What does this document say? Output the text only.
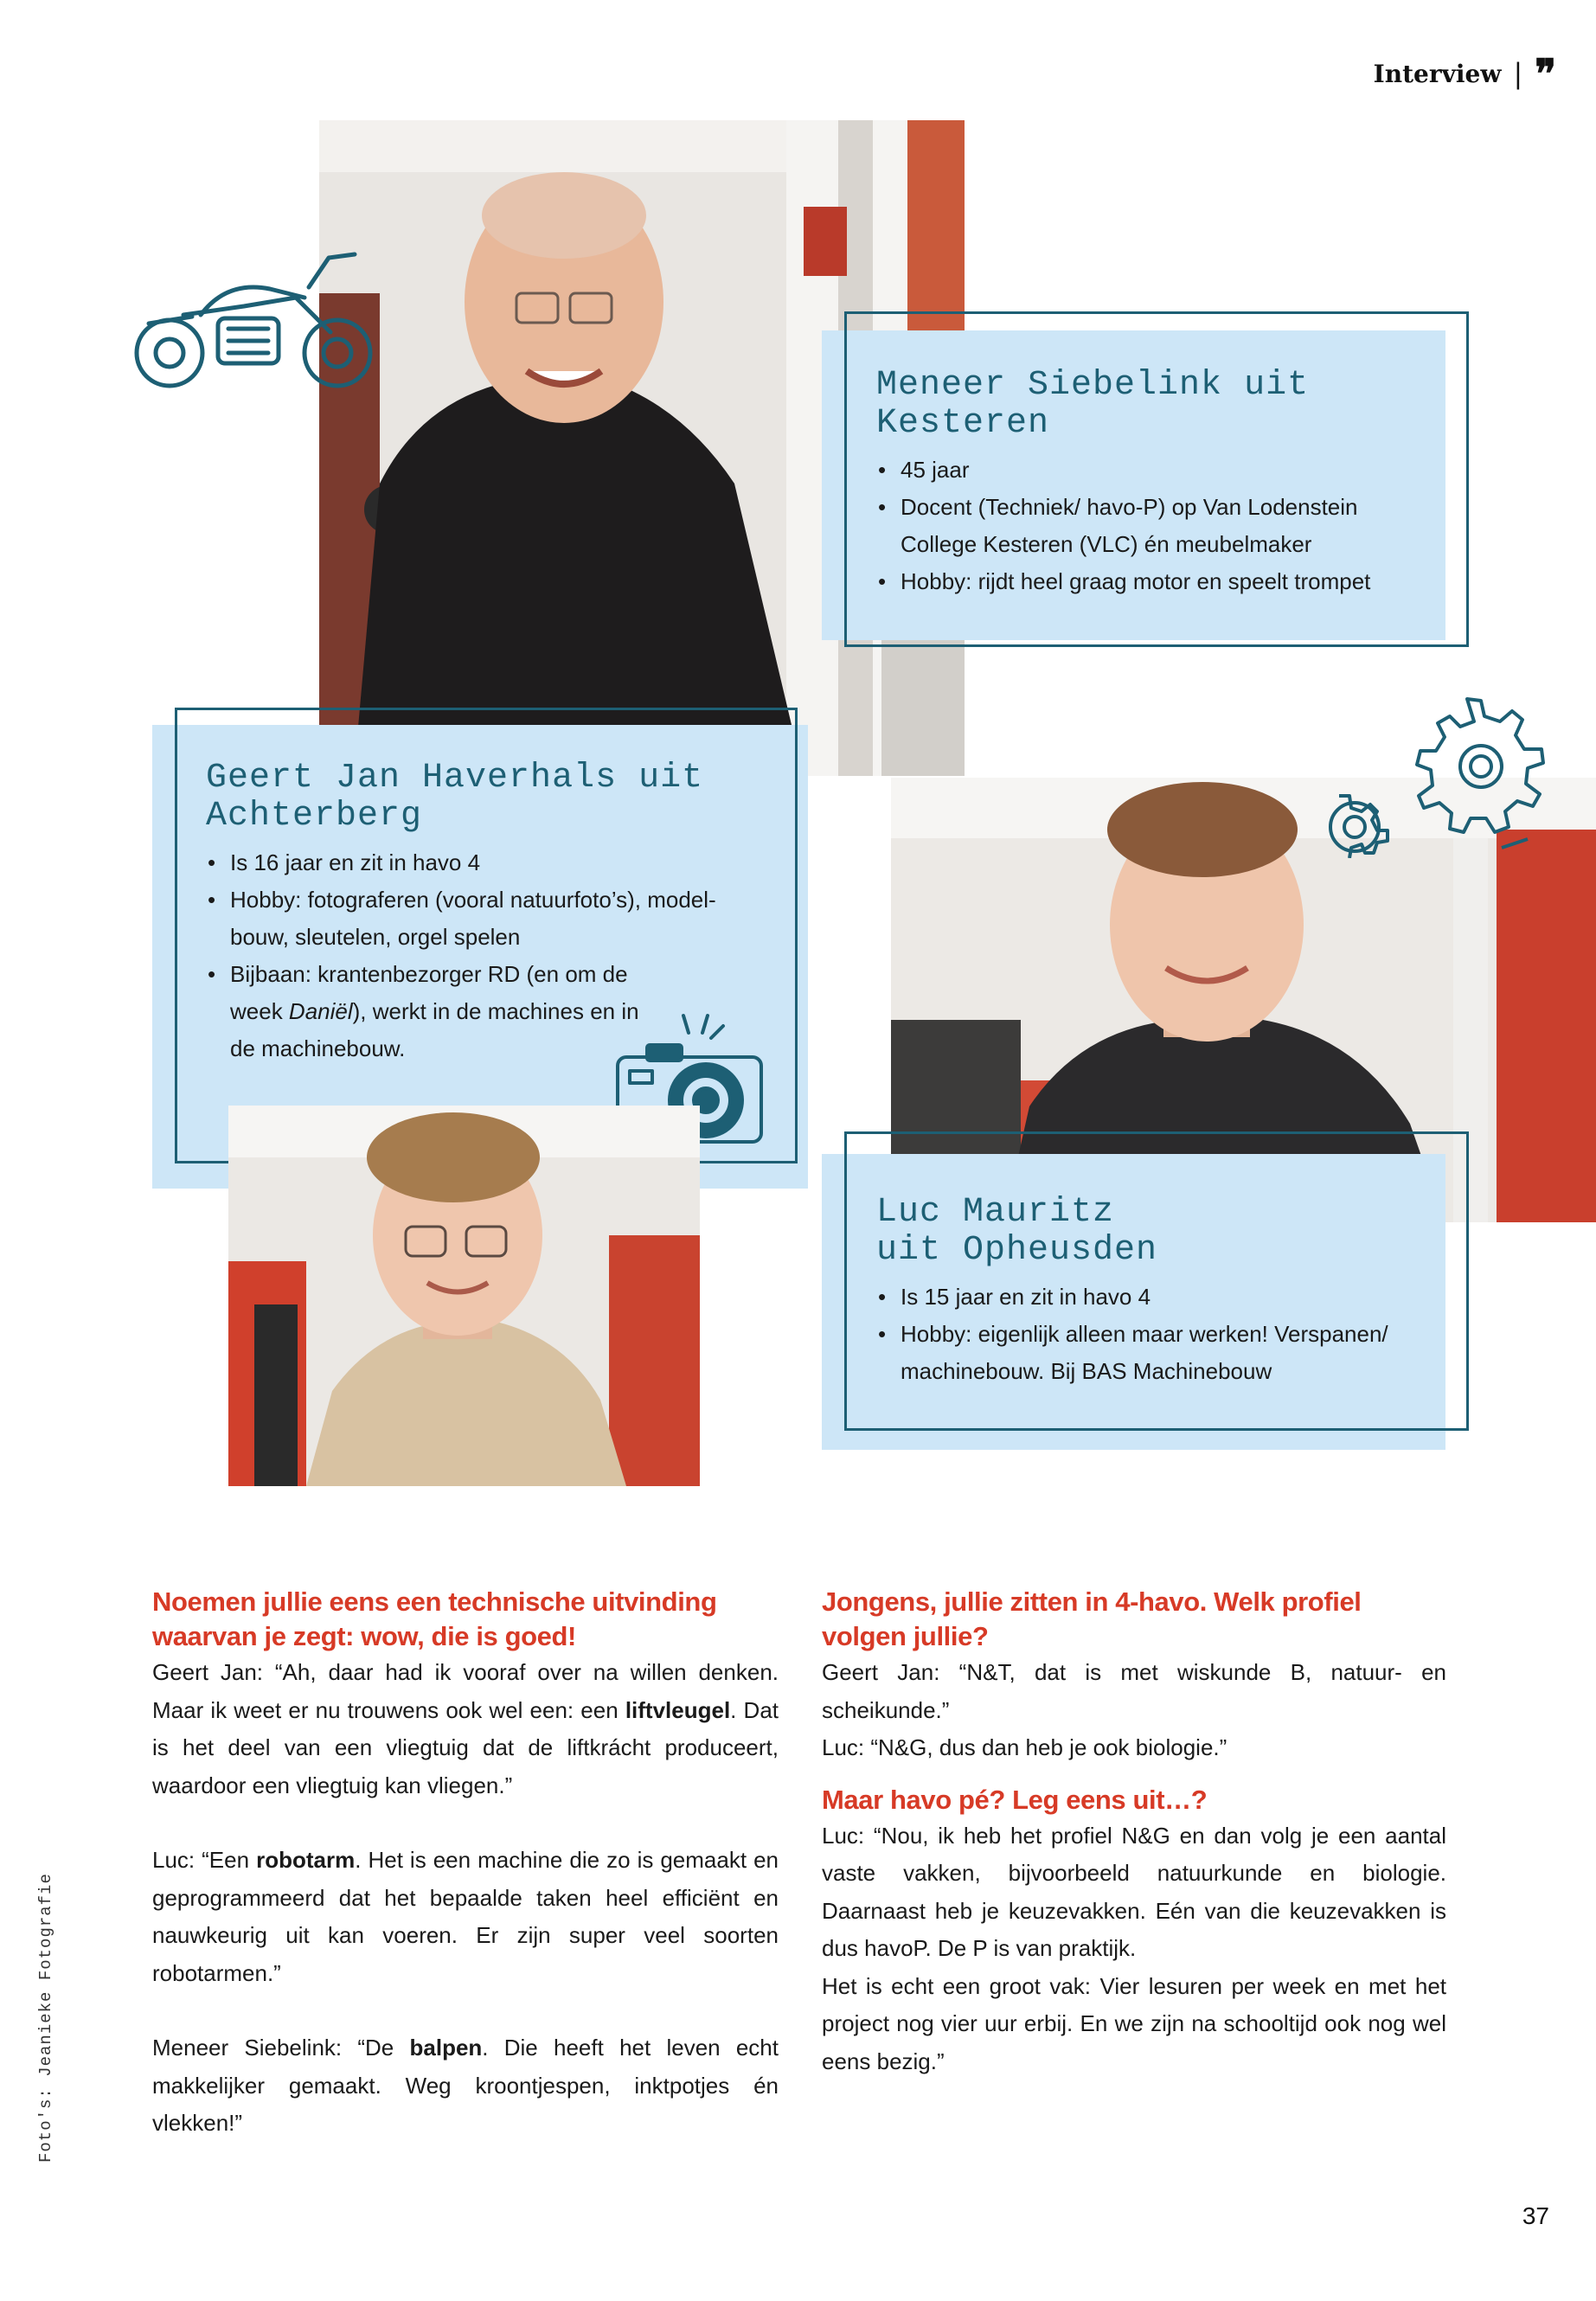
Interview | ❞
Meneer Siebelink uit
Kesteren
• 45 jaar
• Docent (Techniek/ havo-P) op Van Lodenstein College Kesteren (VLC) én meubelmaker
• Hobby: rijdt heel graag motor en speelt trompet
Geert Jan Haverhals uit
Achterberg
• Is 16 jaar en zit in havo 4
• Hobby: fotograferen (vooral natuurfoto’s), model-bouw, sleutelen, orgel spelen
• Bijbaan: krantenbezorger RD (en om de week Daniël), werkt in de machines en in de machinebouw.
Luc Mauritz
uit Opheusden
• Is 15 jaar en zit in havo 4
• Hobby: eigenlijk alleen maar werken! Verspanen/ machinebouw. Bij BAS Machinebouw
Noemen jullie eens een technische uitvinding waarvan je zegt: wow, die is goed!

Geert Jan: “Ah, daar had ik vooraf over na willen denken. Maar ik weet er nu trouwens ook wel een: een liftvleugel. Dat is het deel van een vliegtuig dat de liftkrácht produceert, waardoor een vliegtuig kan vliegen.”

Luc: “Een robotarm. Het is een machine die zo is gemaakt en geprogrammeerd dat het bepaalde taken heel efficiënt en nauwkeurig uit kan voeren. Er zijn super veel soorten robotarmen.”

Meneer Siebelink: “De balpen. Die heeft het leven echt makkelijker gemaakt. Weg kroontjespen, inktpotjes én vlekken!”

Jongens, jullie zitten in 4-havo. Welk profiel volgen jullie?

Geert Jan: “N&T, dat is met wiskunde B, natuur- en scheikunde.”

Luc: “N&G, dus dan heb je ook biologie.”

Maar havo pé? Leg eens uit…?

Luc: “Nou, ik heb het profiel N&G en dan volg je een aantal vaste vakken, bijvoorbeeld natuurkunde en biologie. Daarnaast heb je keuzevakken. Eén van die keuzevakken is dus havoP. De P is van praktijk.

Het is echt een groot vak: Vier lesuren per week en met het project nog vier uur erbij. En we zijn na schooltijd ook nog wel eens bezig.”

Foto's: Jeanieke Fotografie
37
